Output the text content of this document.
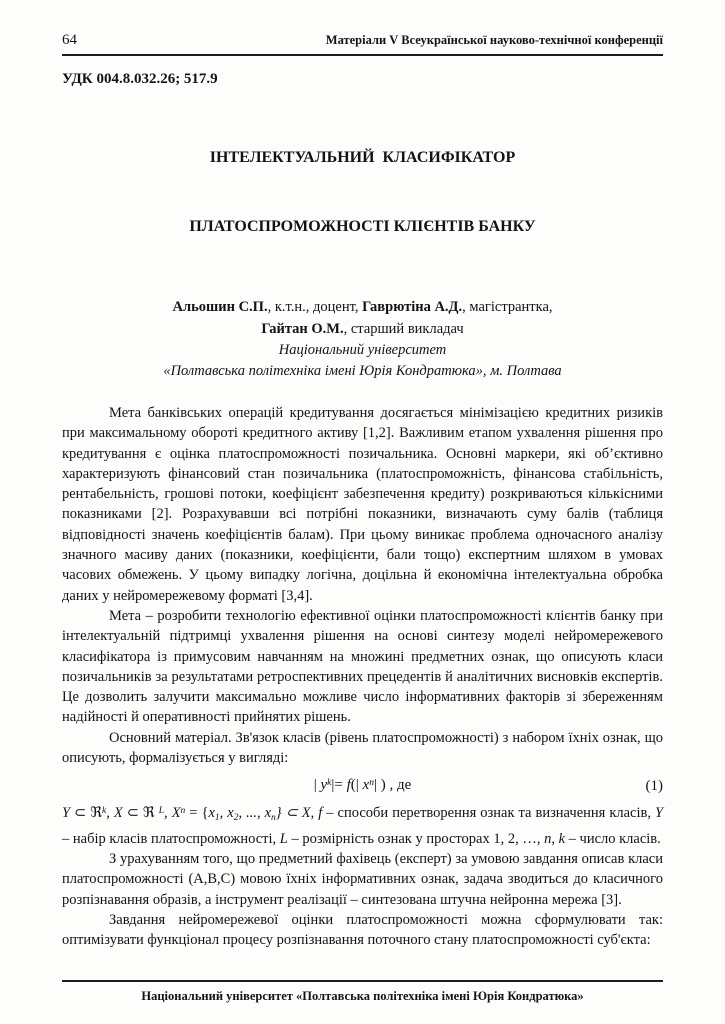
64	Матеріали V Всеукраїнської науково-технічної конференції
УДК 004.8.032.26; 517.9

ІНТЕЛЕКТУАЛЬНИЙ  КЛАСИФІКАТОР

ПЛАТОСПРОМОЖНОСТІ КЛІЄНТІВ БАНКУ

Альошин С.П., к.т.н., доцент, Гаврютіна А.Д., магістрантка,
Гайтан О.М., старший викладач
Національний університет
«Полтавська політехніка імені Юрія Кондратюка», м. Полтава

Мета банківських операцій кредитування досягається мінімізацією кредитних ризиків при максимальному обороті кредитного активу [1,2]. Важливим етапом ухвалення рішення про кредитування є оцінка платоспроможності позичальника. Основні маркери, які об’єктивно характеризують фінансовий стан позичальника (платоспроможність, фінансова стабільність, рентабельність, грошові потоки, коефіцієнт забезпечення кредиту) розкриваються кількісними показниками [2]. Розрахувавши всі потрібні показники, визначають суму балів (таблиця відповідності значень коефіцієнтів балам). При цьому виникає проблема одночасного аналізу значного масиву даних (показники, коефіцієнти, бали тощо) експертним шляхом в умовах часових обмежень. У цьому випадку логічна, доцільна й економічна інтелектуальна обробка даних у нейромережевому форматі [3,4].

Мета – розробити технологію ефективної оцінки платоспроможності клієнтів банку при інтелектуальній підтримці ухвалення рішення на основі синтезу моделі нейромережевого класифікатора із примусовим навчанням на множині предметних ознак, що описують класи позичальників за результатами ретроспективних прецедентів й аналітичних висновків експертів. Це дозволить залучити максимально можливе число інформативних факторів зі збереженням надійності й оперативності прийнятих рішень.

Основний матеріал. Зв'язок класів (рівень платоспроможності) з набором їхніх ознак, що описують, формалізується у вигляді:

| $y^k|= f(|$ $x^n|$ ) , де	(1)

Y ⊂ ℜ$^k$, X ⊂ ℜ $^L$, $X^n = \{x_1$, $x_2$, ..., $x_n$} ⊂ X, f – способи перетворення ознак та визначення класів, Y – набір класів платоспроможності, L – розмірність ознак у просторах 1, 2, …, n, k – число класів.

З урахуванням того, що предметний фахівець (експерт) за умовою завдання описав класи платоспроможності (А,В,С) мовою їхніх інформативних ознак, задача зводиться до класичного розпізнавання образів, а інструмент реалізації – синтезована штучна нейронна мережа [3].

Завдання нейромережевої оцінки платоспроможності можна сформулювати так: оптимізувати функціонал процесу розпізнавання поточного стану платоспроможності суб'єкта:

Національний університет «Полтавська політехніка імені Юрія Кондратюка»
